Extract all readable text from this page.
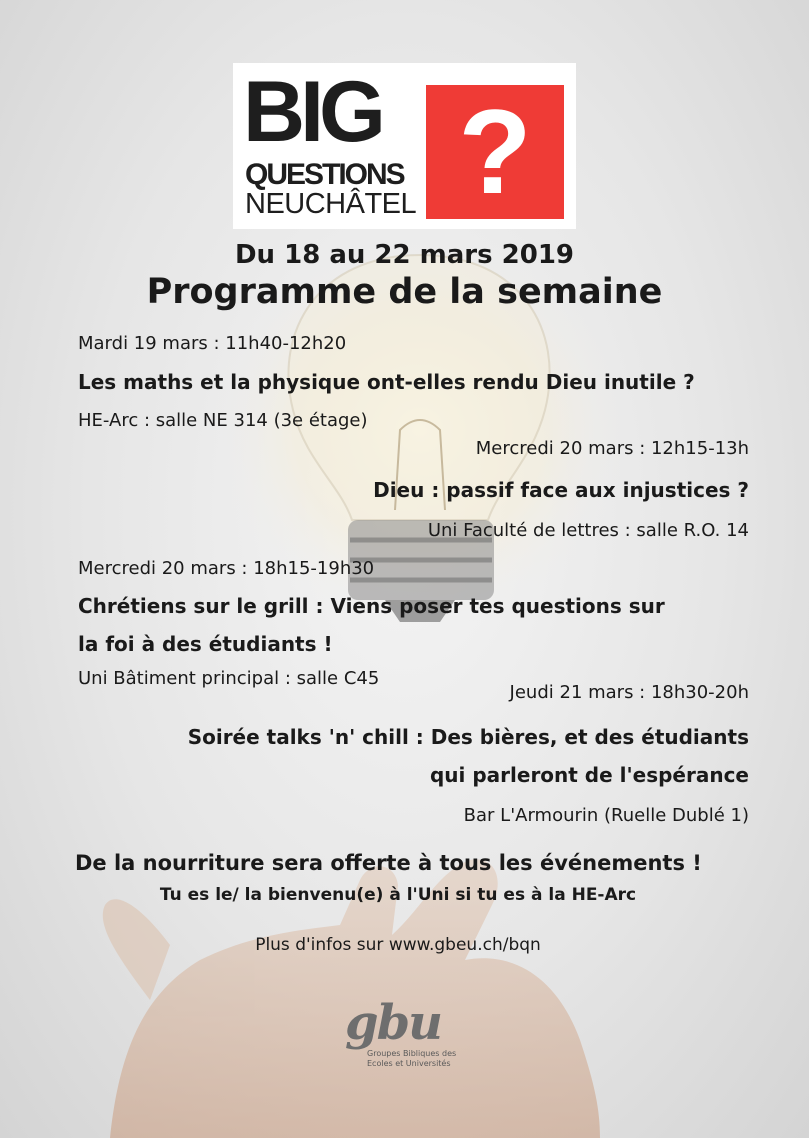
BIG
QUESTIONS
NEUCHÂTEL ?
Du 18 au 22 mars 2019
Programme de la semaine
Mardi 19 mars : 11h40-12h20
Les maths et la physique ont-elles rendu Dieu inutile ?
HE-Arc : salle NE 314 (3e étage)
Mercredi 20 mars : 12h15-13h
Dieu : passif face aux injustices ?
Uni Faculté de lettres : salle R.O. 14
Mercredi 20 mars : 18h15-19h30
Chrétiens sur le grill : Viens poser tes questions sur
la foi à des étudiants !
Uni Bâtiment principal : salle C45
Jeudi 21 mars : 18h30-20h
Soirée talks 'n' chill : Des bières, et des étudiants
qui parleront de l'espérance
Bar L'Armourin (Ruelle Dublé 1)
De la nourriture sera offerte à tous les événements !
Tu es le/ la bienvenu(e) à l'Uni si tu es à la HE-Arc
Plus d'infos sur www.gbeu.ch/bqn
gbu
Groupes Bibliques des
Ecoles et Universités
